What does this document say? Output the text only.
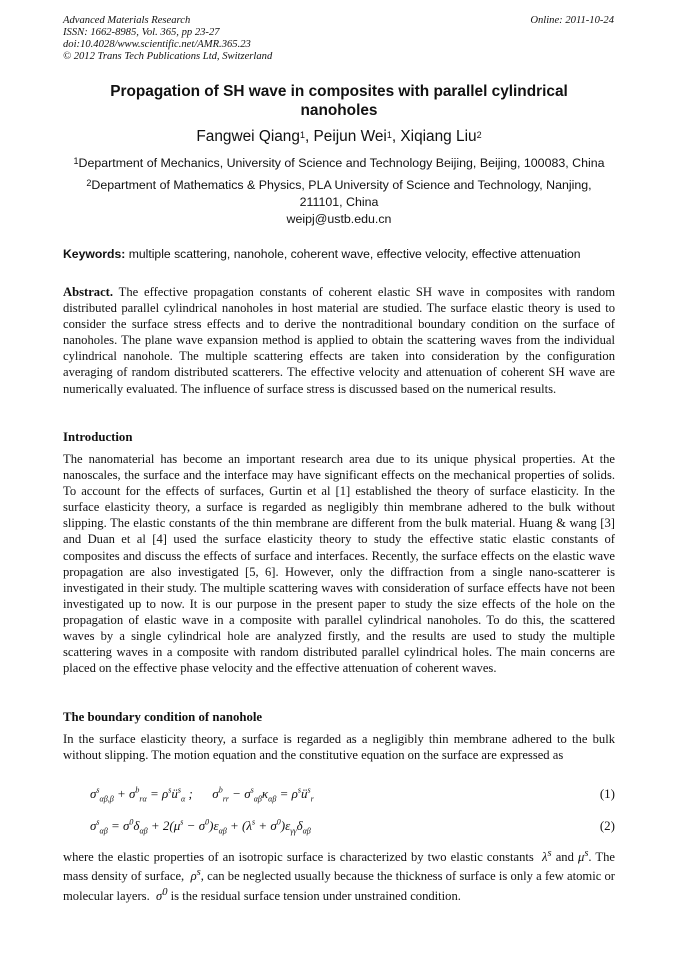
Advanced Materials Research
ISSN: 1662-8985, Vol. 365, pp 23-27
doi:10.4028/www.scientific.net/AMR.365.23
© 2012 Trans Tech Publications Ltd, Switzerland
Online: 2011-10-24
Propagation of SH wave in composites with parallel cylindrical nanoholes
Fangwei Qiang$^1$, Peijun Wei$^1$, Xiqiang Liu$^2$
$^1$Department of Mechanics, University of Science and Technology Beijing, Beijing, 100083, China
$^2$Department of Mathematics & Physics, PLA University of Science and Technology, Nanjing, 211101, China
weipj@ustb.edu.cn
Keywords: multiple scattering, nanohole, coherent wave, effective velocity, effective attenuation
Abstract. The effective propagation constants of coherent elastic SH wave in composites with random distributed parallel cylindrical nanoholes in host material are studied. The surface elastic theory is used to consider the surface stress effects and to derive the nontraditional boundary condition on the surface of nanoholes. The plane wave expansion method is applied to obtain the scattering waves from the individual cylindrical nanohole. The multiple scattering effects are taken into consideration by the configuration averaging of random distributed scatterers. The effective velocity and attenuation of coherent SH wave are numerically evaluated. The influence of surface stress is discussed based on the numerical results.
Introduction
The nanomaterial has become an important research area due to its unique physical properties. At the nanoscales, the surface and the interface may have significant effects on the mechanical properties of solids. To account for the effects of surfaces, Gurtin et al [1] established the theory of surface elasticity. In the surface elasticity theory, a surface is regarded as negligibly thin membrane adhered to the bulk without slipping. The elastic constants of the thin membrane are different from the bulk material. Huang & wang [3] and Duan et al [4] used the surface elasticity theory to study the effective static elastic constants of composites and discuss the effects of surface and interfaces. Recently, the surface effects on the elastic wave propagation are also investigated [5, 6]. However, only the diffraction from a single nano-scatterer is investigated in their study. The multiple scattering waves with consideration of surface effects have not been investigated up to now. It is our purpose in the present paper to study the size effects of the hole on the propagation of elastic wave in a composite with parallel cylindrical nanoholes. To do this, the scattered waves by a single cylindrical hole are analyzed firstly, and the results are used to study the multiple scattering waves in a composite with random distributed parallel cylindrical holes. The main concerns are placed on the effective phase velocity and the effective attenuation of coherent waves.
The boundary condition of nanohole
In the surface elasticity theory, a surface is regarded as a negligibly thin membrane adhered to the bulk without slipping. The motion equation and the constitutive equation on the surface are expressed as
$\sigma^s_{\alpha\beta,\beta} + \sigma^b_{r\alpha}$ = $\rho^sü^s_\alpha$ ;      $\sigma^b_{rr} - \sigma^s_{\alpha\beta}\kappa_{\alpha\beta}$ = $\rho^sü^s_r$	(1)
$\sigma^s_{\alpha\beta} = \sigma^0\delta_{\alpha\beta} + 2(\mu^s - \sigma^0)\varepsilon_{\alpha\beta} + (\lambda^s + \sigma^0)\varepsilon_{\gamma\gamma}\delta_{\alpha\beta}$	(2)
where the elastic properties of an isotropic surface is characterized by two elastic constants  $\lambda^s$ and $\mu^s$. The mass density of surface,  $\rho^s$, can be neglected usually because the thickness of surface is only a few atomic or molecular layers.  $\sigma^0$ is the residual surface tension under unstrained condition.
